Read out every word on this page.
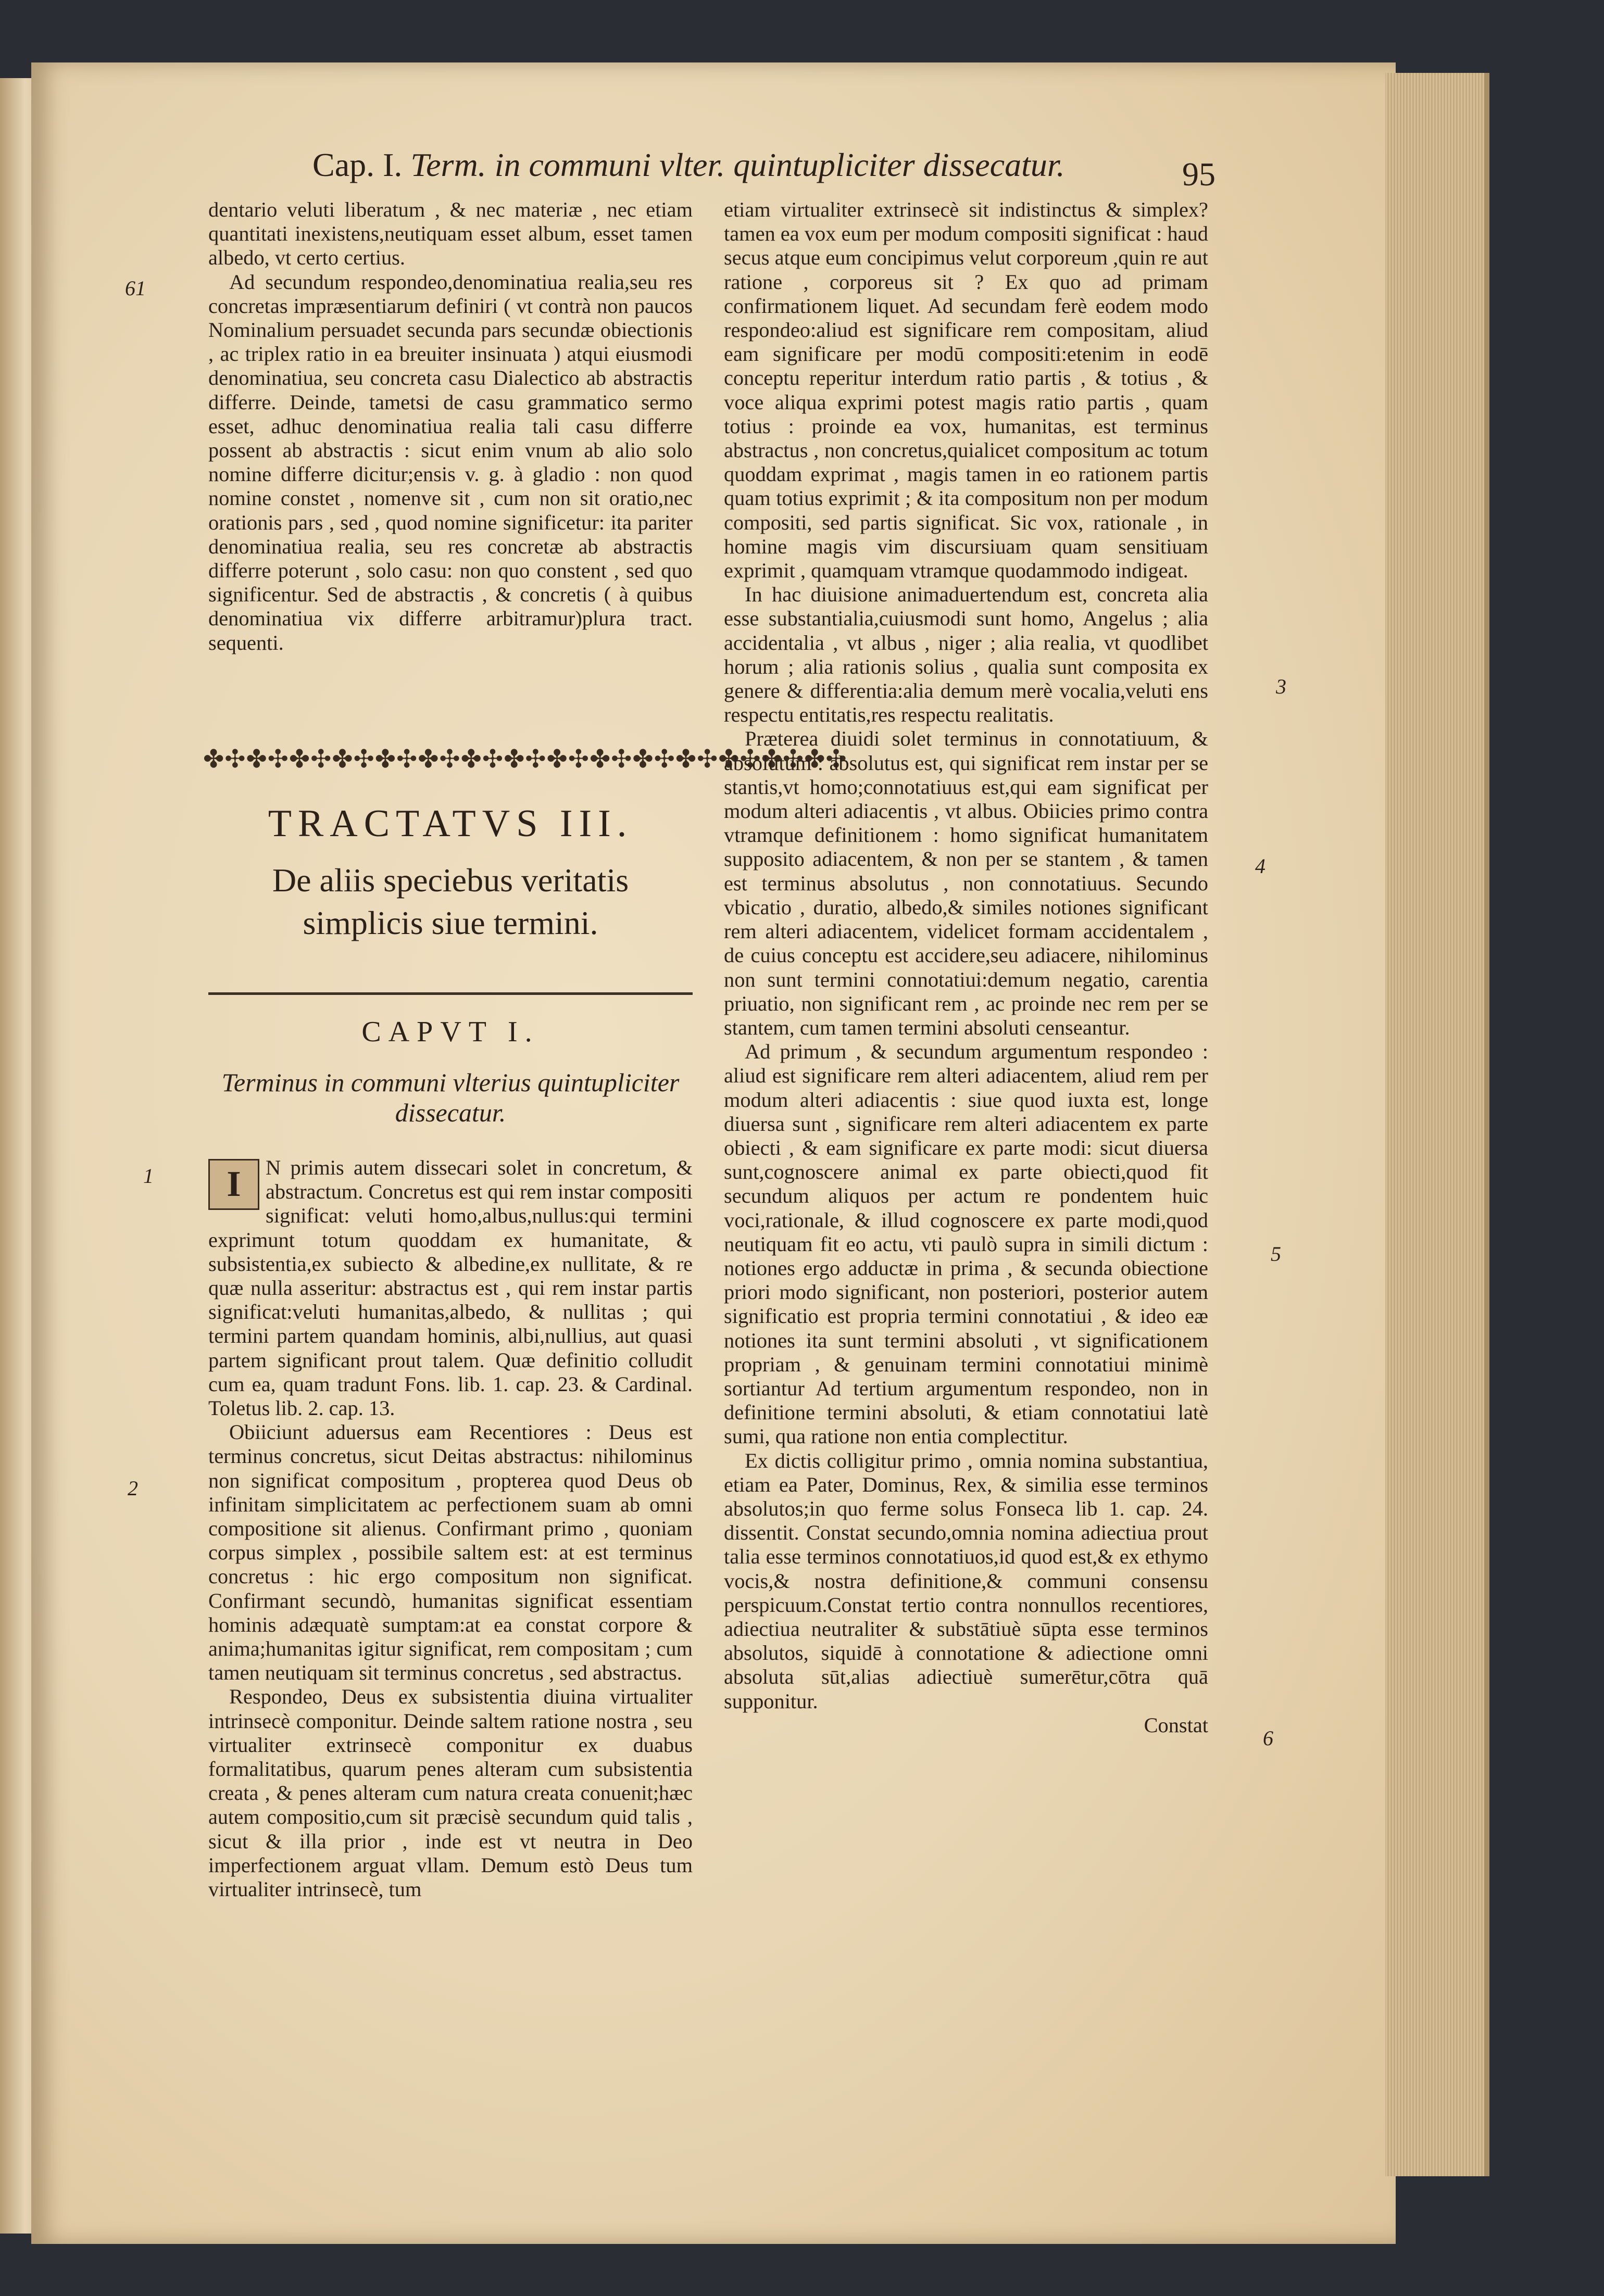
Cap. I. Term. in communi vlter. quintupliciter dissecatur.	95

dentario veluti liberatum , & nec materiæ , nec etiam quantitati inexistens,neutiquam esset album, esset tamen albedo, vt certo certius.

Ad secundum respondeo,denominatiua realia,seu res concretas impræsentiarum definiri ( vt contrà non paucos Nominalium persuadet secunda pars secundæ obiectionis , ac triplex ratio in ea breuiter insinuata ) atqui eiusmodi denominatiua, seu concreta casu Dialectico ab abstractis differre. Deinde, tametsi de casu grammatico sermo esset, adhuc denominatiua realia tali casu differre possent ab abstractis : sicut enim vnum ab alio solo nomine differre dicitur;ensis v. g. à gladio : non quod nomine constet , nomenve sit , cum non sit oratio,nec orationis pars , sed , quod nomine significetur: ita pariter denominatiua realia, seu res concretæ ab abstractis differre poterunt , solo casu: non quo constent , sed quo significentur. Sed de abstractis , & concretis ( à quibus denominatiua vix differre arbitramur)plura tract. sequenti.

✤✣✤✣✤✣✤✣✤✣✤✣✤✣✤✣✤✣✤✣✤✣✤✣✤✣✤✣✤✣
TRACTATVS III.
De aliis speciebus veritatis simplicis siue termini.
CAPVT I.
Terminus in communi vlterius quintupliciter dissecatur.

I	N primis autem dissecari solet in concretum, & abstractum. Concretus est qui rem instar compositi significat: veluti homo,albus,nullus:qui termini exprimunt totum quoddam ex humanitate, & subsistentia,ex subiecto & albedine,ex nullitate, & re quæ nulla asseritur: abstractus est , qui rem instar partis significat:veluti humanitas,albedo, & nullitas ; qui termini partem quandam hominis, albi,nullius, aut quasi partem significant prout talem. Quæ definitio colludit cum ea, quam tradunt Fons. lib. 1. cap. 23. & Cardinal. Toletus lib. 2. cap. 13.

Obiiciunt aduersus eam Recentiores : Deus est terminus concretus, sicut Deitas abstractus: nihilominus non significat compositum , propterea quod Deus ob infinitam simplicitatem ac perfectionem suam ab omni compositione sit alienus. Confirmant primo , quoniam corpus simplex , possibile saltem est: at est terminus concretus : hic ergo compositum non significat. Confirmant secundò, humanitas significat essentiam hominis adæquatè sumptam:at ea constat corpore & anima;humanitas igitur significat, rem compositam ; cum tamen neutiquam sit terminus concretus , sed abstractus.

Respondeo, Deus ex subsistentia diuina virtualiter intrinsecè componitur. Deinde saltem ratione nostra , seu virtualiter extrinsecè componitur ex duabus formalitatibus, quarum penes alteram cum subsistentia creata , & penes alteram cum natura creata conuenit;hæc autem compositio,cum sit præcisè secundum quid talis , sicut & illa prior , inde est vt neutra in Deo imperfectionem arguat vllam. Demum estò Deus tum virtualiter intrinsecè, tum

etiam virtualiter extrinsecè sit indistinctus & simplex? tamen ea vox eum per modum compositi significat : haud secus atque eum concipimus velut corporeum ,quin re aut ratione , corporeus sit ? Ex quo ad primam confirmationem liquet. Ad secundam ferè eodem modo respondeo:aliud est significare rem compositam, aliud eam significare per modū compositi:etenim in eodē conceptu reperitur interdum ratio partis , & totius , & voce aliqua exprimi potest magis ratio partis , quam totius : proinde ea vox, humanitas, est terminus abstractus , non concretus,quialicet compositum ac totum quoddam exprimat , magis tamen in eo rationem partis quam totius exprimit ; & ita compositum non per modum compositi, sed partis significat. Sic vox, rationale , in homine magis vim discursiuam quam sensitiuam exprimit , quamquam vtramque quodammodo indigeat.

In hac diuisione animaduertendum est, concreta alia esse substantialia,cuiusmodi sunt homo, Angelus ; alia accidentalia , vt albus , niger ; alia realia, vt quodlibet horum ; alia rationis solius , qualia sunt composita ex genere & differentia:alia demum merè vocalia,veluti ens respectu entitatis,res respectu realitatis.

Præterea diuidi solet terminus in connotatiuum, & absolutum : absolutus est, qui significat rem instar per se stantis,vt homo;connotatiuus est,qui eam significat per modum alteri adiacentis , vt albus. Obiicies primo contra vtramque definitionem : homo significat humanitatem supposito adiacentem, & non per se stantem , & tamen est terminus absolutus , non connotatiuus. Secundo vbicatio , duratio, albedo,& similes notiones significant rem alteri adiacentem, videlicet formam accidentalem , de cuius conceptu est accidere,seu adiacere, nihilominus non sunt termini connotatiui:demum negatio, carentia priuatio, non significant rem , ac proinde nec rem per se stantem, cum tamen termini absoluti censeantur.

Ad primum , & secundum argumentum respondeo : aliud est significare rem alteri adiacentem, aliud rem per modum alteri adiacentis : siue quod iuxta est, longe diuersa sunt , significare rem alteri adiacentem ex parte obiecti , & eam significare ex parte modi: sicut diuersa sunt,cognoscere animal ex parte obiecti,quod fit secundum aliquos per actum re pondentem huic voci,rationale, & illud cognoscere ex parte modi,quod neutiquam fit eo actu, vti paulò supra in simili dictum : notiones ergo adductæ in prima , & secunda obiectione priori modo significant, non posteriori, posterior autem significatio est propria termini connotatiui , & ideo eæ notiones ita sunt termini absoluti , vt significationem propriam , & genuinam termini connotatiui minimè sortiantur Ad tertium argumentum respondeo, non in definitione termini absoluti, & etiam connotatiui latè sumi, qua ratione non entia complectitur.

Ex dictis colligitur primo , omnia nomina substantiua, etiam ea Pater, Dominus, Rex, & similia esse terminos absolutos;in quo ferme solus Fonseca lib 1. cap. 24. dissentit. Constat secundo,omnia nomina adiectiua prout talia esse terminos connotatiuos,id quod est,& ex ethymo vocis,& nostra definitione,& communi consensu perspicuum.Constat tertio contra nonnullos recentiores, adiectiua neutraliter & substātiuè sūpta esse terminos absolutos, siquidē à connotatione & adiectione omni absoluta sūt,alias adiectiuè sumerētur,cōtra quā supponitur.

Constat

61
1
2
3
4
5
6
